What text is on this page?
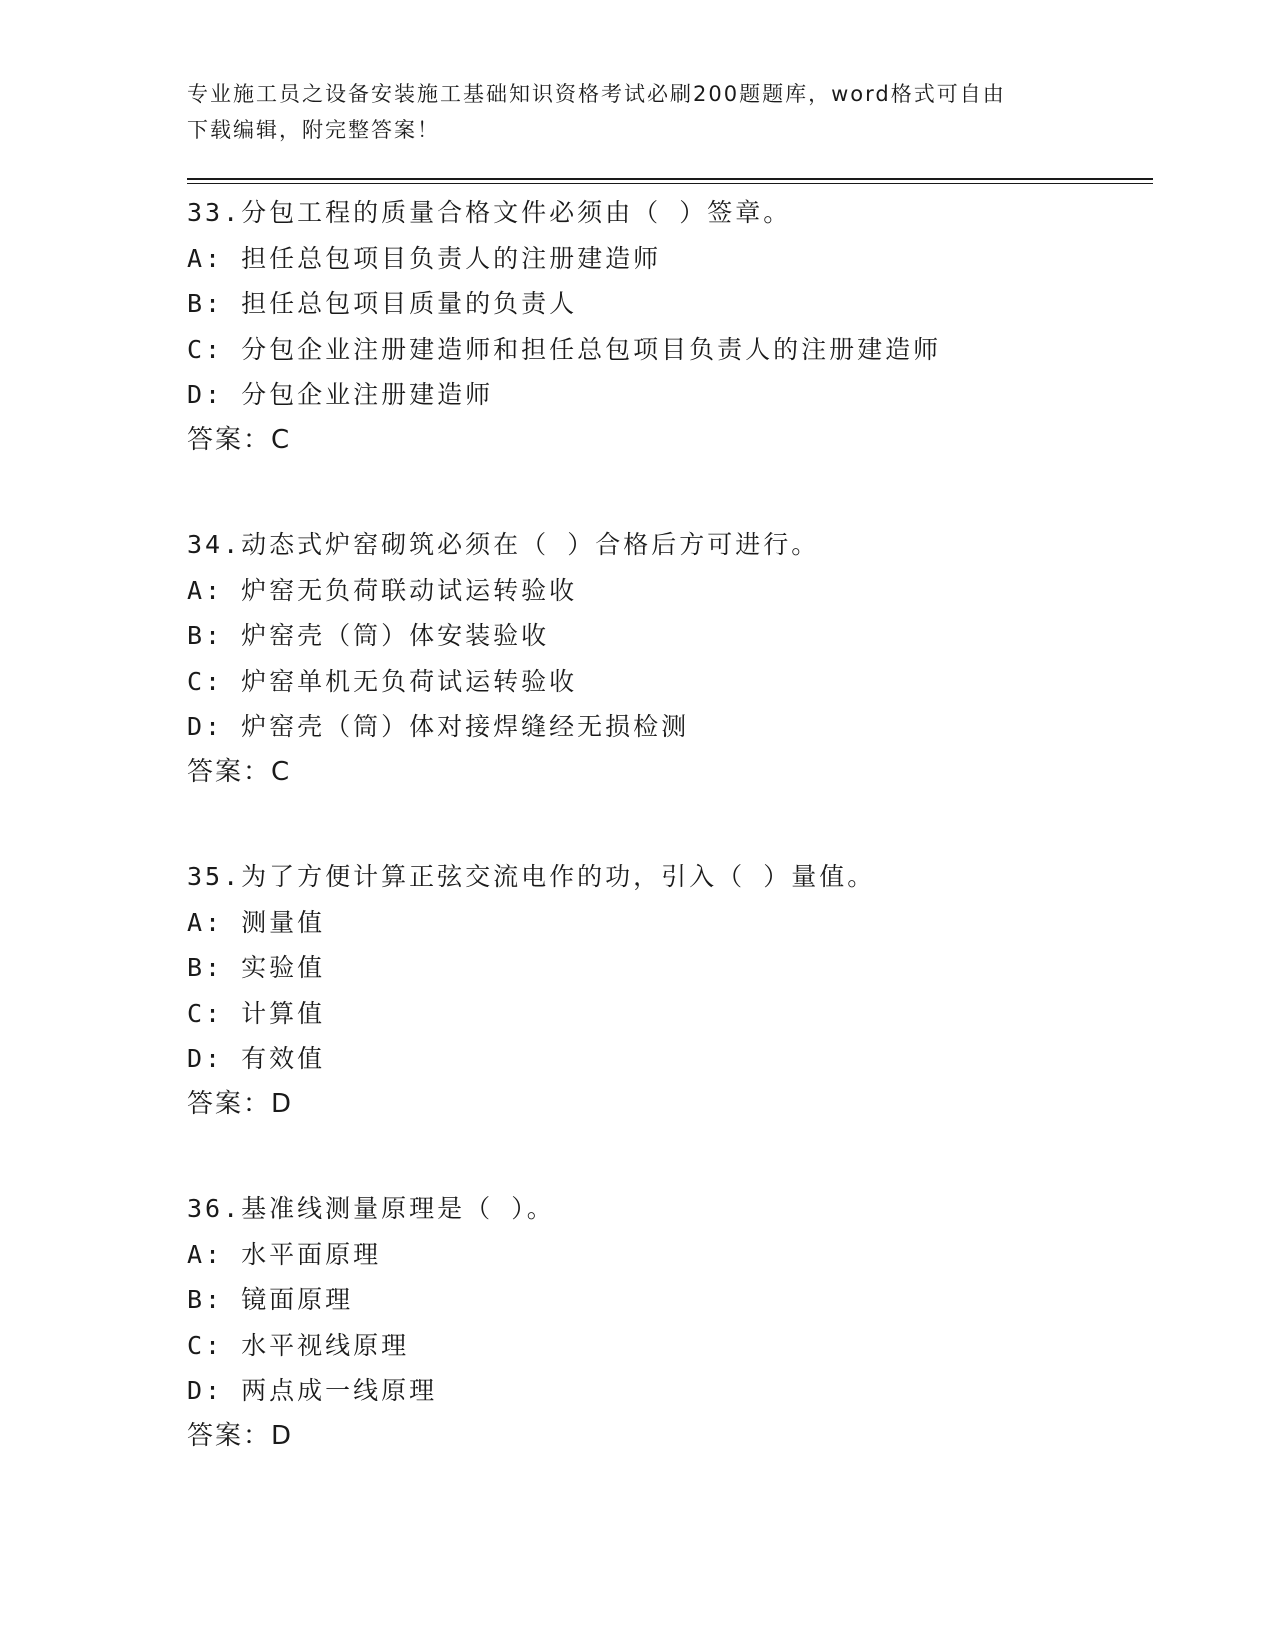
专业施工员之设备安装施工基础知识资格考试必刷200题题库，word格式可自由
下载编辑，附完整答案！
33.分包工程的质量合格文件必须由（ ）签章。
A: 担任总包项目负责人的注册建造师
B: 担任总包项目质量的负责人
C: 分包企业注册建造师和担任总包项目负责人的注册建造师
D: 分包企业注册建造师
答案：C
34.动态式炉窑砌筑必须在（ ）合格后方可进行。
A: 炉窑无负荷联动试运转验收
B: 炉窑壳（筒）体安装验收
C: 炉窑单机无负荷试运转验收
D: 炉窑壳（筒）体对接焊缝经无损检测
答案：C
35.为了方便计算正弦交流电作的功，引入（ ）量值。
A: 测量值
B: 实验值
C: 计算值
D: 有效值
答案：D
36.基准线测量原理是（ ）。
A: 水平面原理
B: 镜面原理
C: 水平视线原理
D: 两点成一线原理
答案：D
